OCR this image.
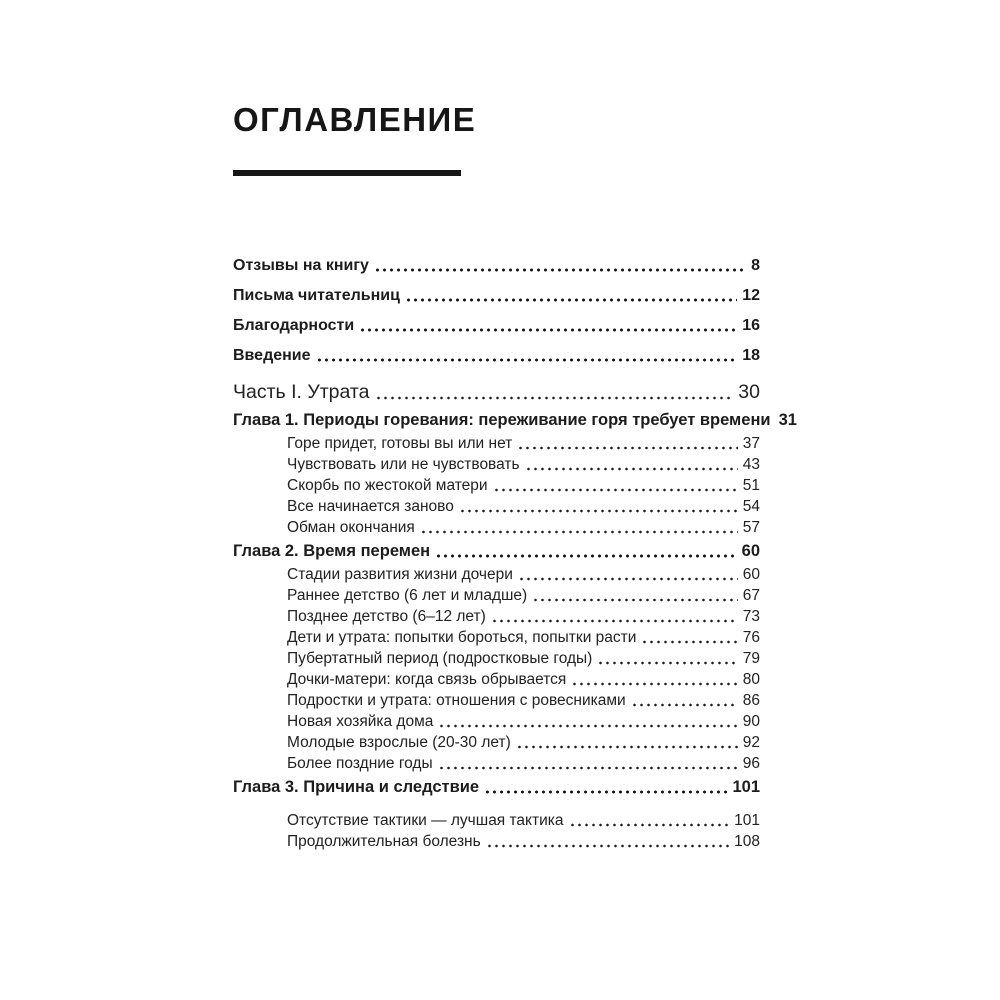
ОГЛАВЛЕНИЕ
Отзывы на книгу	8
Письма читательниц	12
Благодарности	16
Введение	18
Часть I. Утрата	30
Глава 1. Периоды горевания: переживание горя требует времени 31
Горе придет, готовы вы или нет	37
Чувствовать или не чувствовать	43
Скорбь по жестокой матери	51
Все начинается заново	54
Обман окончания	57
Глава 2. Время перемен	60
Стадии развития жизни дочери	60
Раннее детство (6 лет и младше)	67
Позднее детство (6–12 лет)	73
Дети и утрата: попытки бороться, попытки расти	76
Пубертатный период (подростковые годы)	79
Дочки-матери: когда связь обрывается	80
Подростки и утрата: отношения с ровесниками	86
Новая хозяйка дома	90
Молодые взрослые (20-30 лет)	92
Более поздние годы	96
Глава 3. Причина и следствие	101
Отсутствие тактики — лучшая тактика	101
Продолжительная болезнь	108
